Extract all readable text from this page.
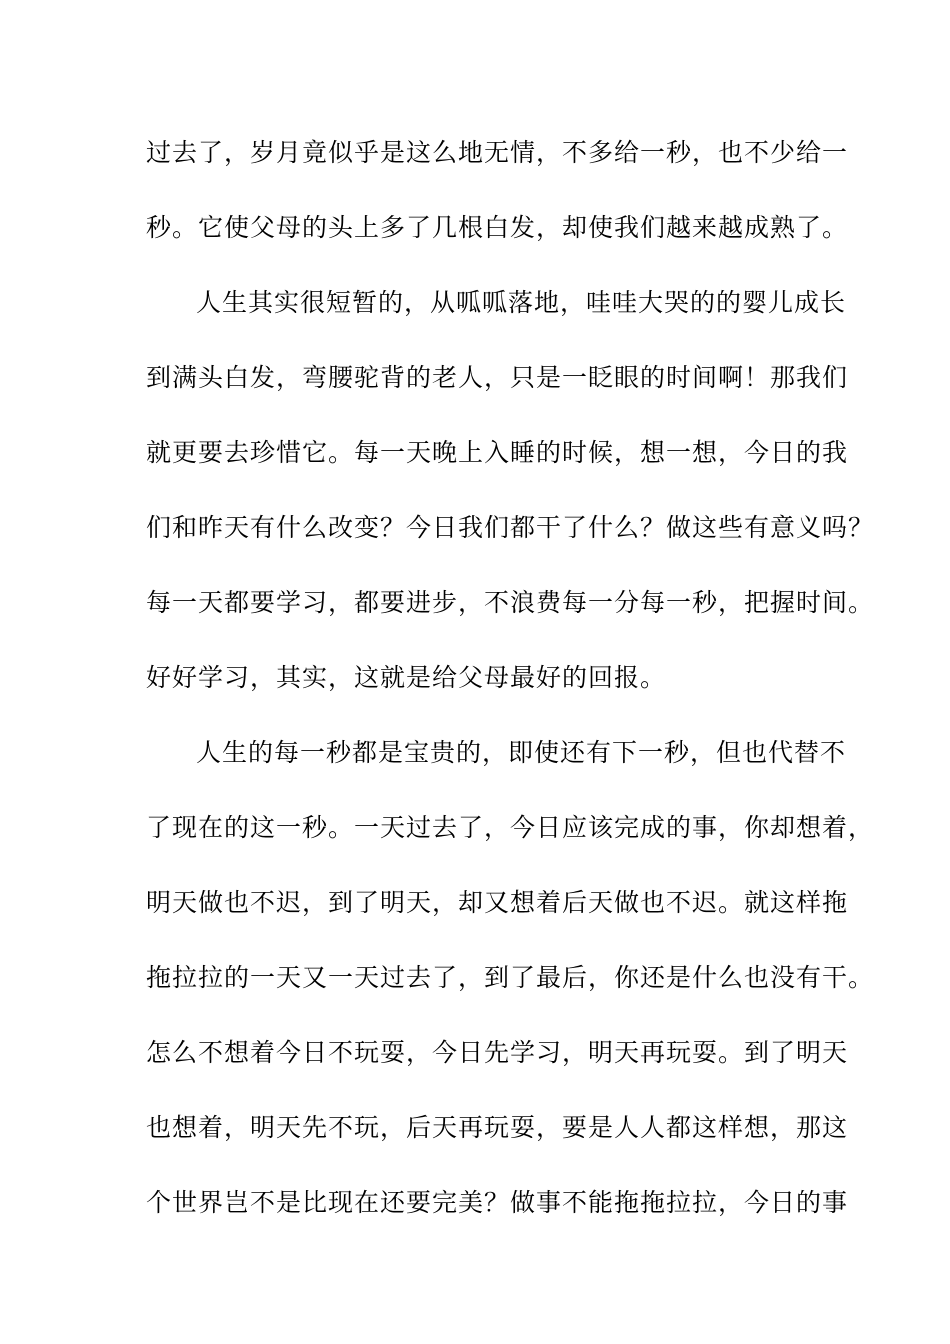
过去了，岁月竟似乎是这么地无情，不多给一秒，也不少给一
秒。它使父母的头上多了几根白发，却使我们越来越成熟了。
人生其实很短暂的，从呱呱落地，哇哇大哭的的婴儿成长
到满头白发，弯腰驼背的老人，只是一眨眼的时间啊！那我们
就更要去珍惜它。每一天晚上入睡的时候，想一想，今日的我
们和昨天有什么改变？今日我们都干了什么？做这些有意义吗？
每一天都要学习，都要进步，不浪费每一分每一秒，把握时间。
好好学习，其实，这就是给父母最好的回报。
人生的每一秒都是宝贵的，即使还有下一秒，但也代替不
了现在的这一秒。一天过去了，今日应该完成的事，你却想着，
明天做也不迟，到了明天，却又想着后天做也不迟。就这样拖
拖拉拉的一天又一天过去了，到了最后，你还是什么也没有干。
怎么不想着今日不玩耍，今日先学习，明天再玩耍。到了明天
也想着，明天先不玩，后天再玩耍，要是人人都这样想，那这
个世界岂不是比现在还要完美？做事不能拖拖拉拉，今日的事
